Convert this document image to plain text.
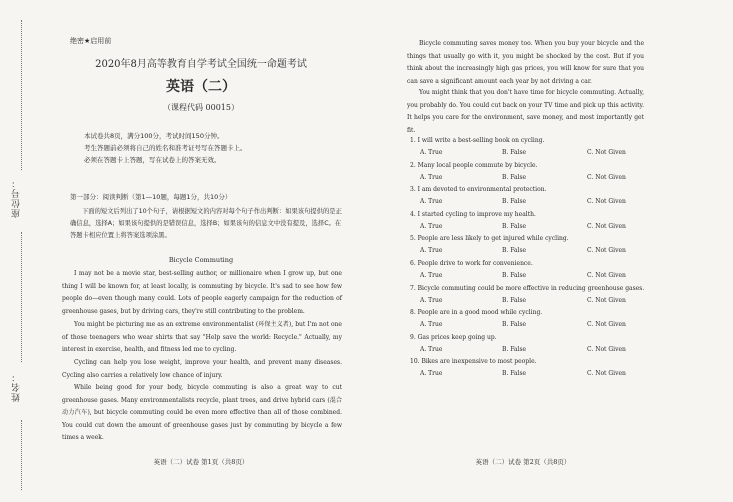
座位号：
姓名：
绝密★启用前
2020年8月高等教育自学考试全国统一命题考试
英语（二）
（课程代码 00015）
本试卷共8页，满分100分，考试时间150分钟。
考生答题前必须将自己的姓名和准考证号写在答题卡上。
必须在答题卡上答题，写在试卷上的答案无效。
第一部分：阅读判断（第1—10题，每题1分，共10分）
下面的短文后列出了10个句子，请根据短文的内容对每个句子作出判断：如果该句提供的是正确信息，选择A；如果该句提供的是错误信息，选择B；如果该句的信息文中没有提及，选择C。在答题卡相应位置上将答案选项涂黑。
Bicycle Commuting
I may not be a movie star, best-selling author, or millionaire when I grow up, but one thing I will be known for, at least locally, is commuting by bicycle. It's sad to see how few people do—even though many could. Lots of people eagerly campaign for the reduction of greenhouse gases, but by driving cars, they're still contributing to the problem.
You might be picturing me as an extreme environmentalist (环保主义者), but I'm not one of those teenagers who wear shirts that say "Help save the world: Recycle." Actually, my interest in exercise, health, and fitness led me to cycling.
Cycling can help you lose weight, improve your health, and prevent many diseases. Cycling also carries a relatively low chance of injury.
While being good for your body, bicycle commuting is also a great way to cut greenhouse gases. Many environmentalists recycle, plant trees, and drive hybrid cars (混合动力汽车), but bicycle commuting could be even more effective than all of those combined. You could cut down the amount of greenhouse gases just by commuting by bicycle a few times a week.
英语（二）试卷 第1页（共8页）
Bicycle commuting saves money too. When you buy your bicycle and the things that usually go with it, you might be shocked by the cost. But if you think about the increasingly high gas prices, you will know for sure that you can save a significant amount each year by not driving a car.
You might think that you don't have time for bicycle commuting. Actually, you probably do. You could cut back on your TV time and pick up this activity. It helps you care for the environment, save money, and most importantly get fit.
1. I will write a best-selling book on cycling.
A. True	B. False	C. Not Given
2. Many local people commute by bicycle.
A. True	B. False	C. Not Given
3. I am devoted to environmental protection.
A. True	B. False	C. Not Given
4. I started cycling to improve my health.
A. True	B. False	C. Not Given
5. People are less likely to get injured while cycling.
A. True	B. False	C. Not Given
6. People drive to work for convenience.
A. True	B. False	C. Not Given
7. Bicycle commuting could be more effective in reducing greenhouse gases.
A. True	B. False	C. Not Given
8. People are in a good mood while cycling.
A. True	B. False	C. Not Given
9. Gas prices keep going up.
A. True	B. False	C. Not Given
10. Bikes are inexpensive to most people.
A. True	B. False	C. Not Given
英语（二）试卷 第2页（共8页）
